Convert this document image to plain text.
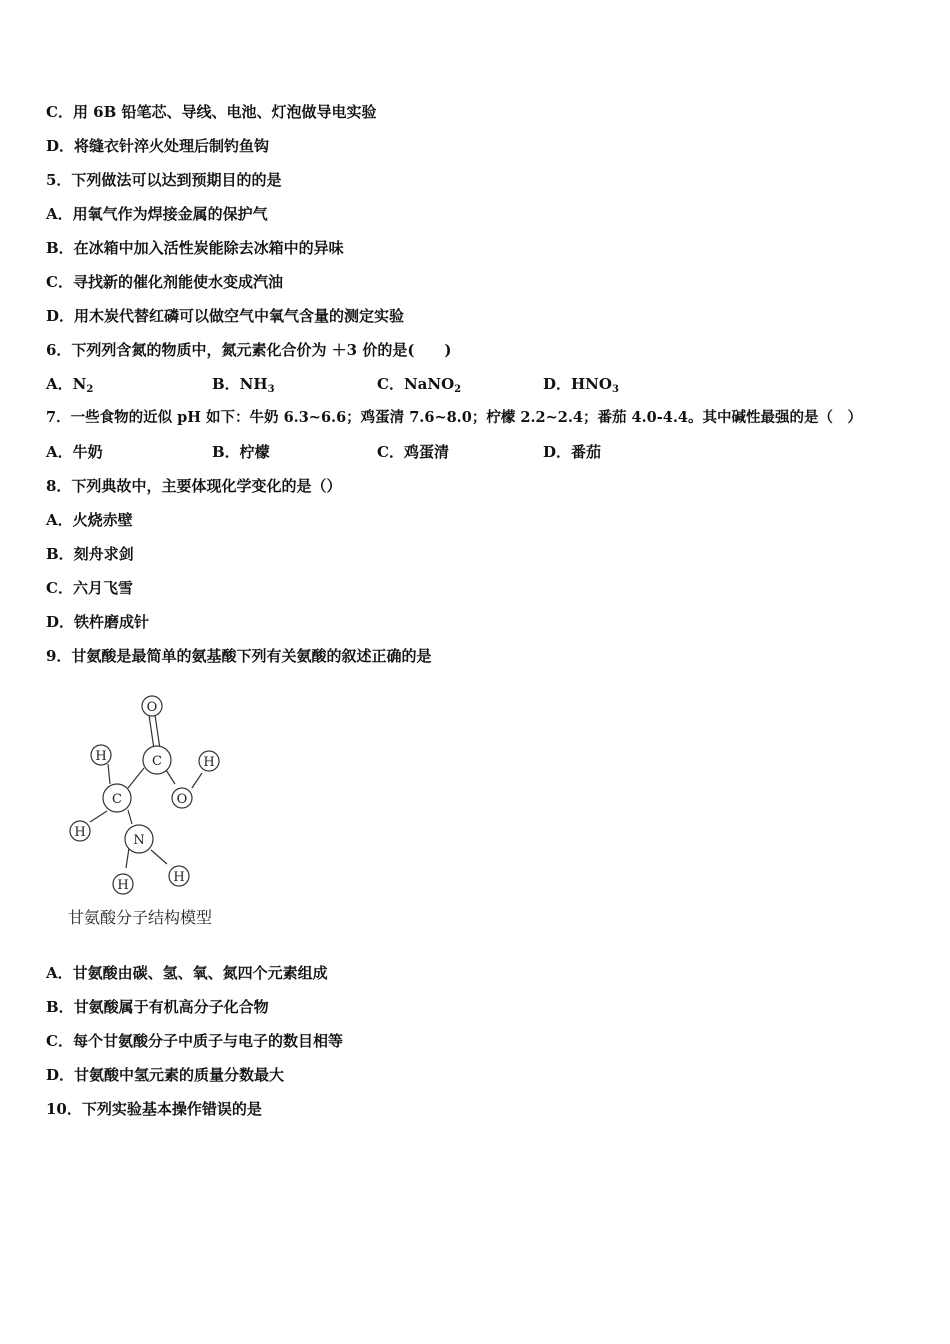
C．用 6B 铅笔芯、导线、电池、灯泡做导电实验
D．将缝衣针淬火处理后制钓鱼钩
5．下列做法可以达到预期目的的是
A．用氧气作为焊接金属的保护气
B．在冰箱中加入活性炭能除去冰箱中的异味
C．寻找新的催化剂能使水变成汽油
D．用木炭代替红磷可以做空气中氧气含量的测定实验
6．下列列含氮的物质中，氮元素化合价为 ＋3 价的是(　　)
A．$N_2$	B．$NH_3$	C．NaNO$_2$	D．$HNO_3$
7．一些食物的近似 pH 如下：牛奶 6.3~6.6；鸡蛋清 7.6~8.0；柠檬 2.2~2.4；番茄 4.0-4.4。其中碱性最强的是（　）
A．牛奶	B．柠檬	C．鸡蛋清	D．番茄
8．下列典故中，主要体现化学变化的是（）
A．火烧赤壁
B．刻舟求剑
C．六月飞雪
D．铁杵磨成针
9．甘氨酸是最简单的氨基酸下列有关氨酸的叙述正确的是
O
C	H
H
O
C
H
N
H
H
甘氨酸分子结构模型
A．甘氨酸由碳、氢、氧、氮四个元素组成
B．甘氨酸属于有机高分子化合物
C．每个甘氨酸分子中质子与电子的数目相等
D．甘氨酸中氢元素的质量分数最大
10．下列实验基本操作错误的是
